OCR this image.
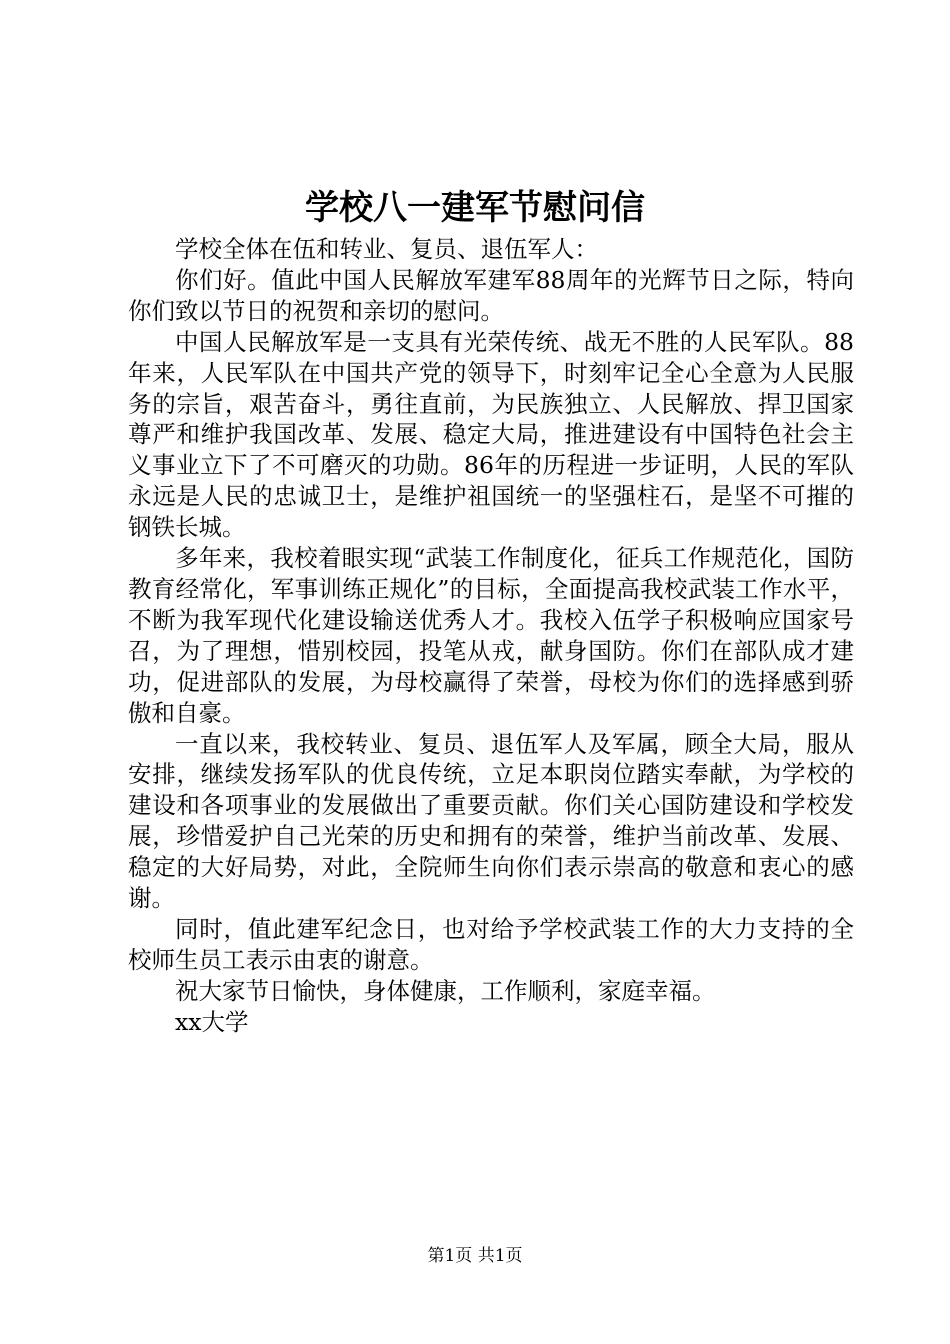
学校八一建军节慰问信

学校全体在伍和转业、复员、退伍军人：

你们好。值此中国人民解放军建军88周年的光辉节日之际，特向你们致以节日的祝贺和亲切的慰问。

中国人民解放军是一支具有光荣传统、战无不胜的人民军队。88年来，人民军队在中国共产党的领导下，时刻牢记全心全意为人民服务的宗旨，艰苦奋斗，勇往直前，为民族独立、人民解放、捍卫国家尊严和维护我国改革、发展、稳定大局，推进建设有中国特色社会主义事业立下了不可磨灭的功勋。86年的历程进一步证明，人民的军队永远是人民的忠诚卫士，是维护祖国统一的坚强柱石，是坚不可摧的钢铁长城。

多年来，我校着眼实现“武装工作制度化，征兵工作规范化，国防教育经常化，军事训练正规化”的目标，全面提高我校武装工作水平，不断为我军现代化建设输送优秀人才。我校入伍学子积极响应国家号召，为了理想，惜别校园，投笔从戎，献身国防。你们在部队成才建功，促进部队的发展，为母校赢得了荣誉，母校为你们的选择感到骄傲和自豪。

一直以来，我校转业、复员、退伍军人及军属，顾全大局，服从安排，继续发扬军队的优良传统，立足本职岗位踏实奉献，为学校的建设和各项事业的发展做出了重要贡献。你们关心国防建设和学校发展，珍惜爱护自己光荣的历史和拥有的荣誉，维护当前改革、发展、稳定的大好局势，对此，全院师生向你们表示崇高的敬意和衷心的感谢。

同时，值此建军纪念日，也对给予学校武装工作的大力支持的全校师生员工表示由衷的谢意。

祝大家节日愉快，身体健康，工作顺利，家庭幸福。

xx大学

第1页 共1页
